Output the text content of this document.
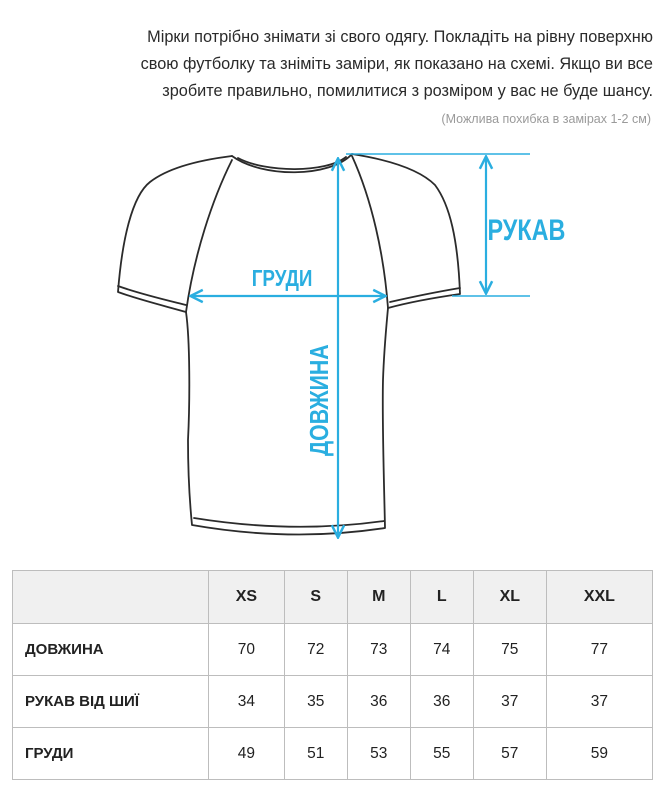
Мірки потрібно знімати зі свого одягу. Покладіть на рівну поверхню
свою футболку та зніміть заміри, як показано на схемі. Якщо ви все
зробите правильно, помилитися з розміром у вас не буде шансу.
(Можлива похибка в замірах 1-2 см)
РУКАВ
ГРУДИ
ДОВЖИНА
	XS	S	M	L	XL	XXL
ДОВЖИНА	70	72	73	74	75	77
РУКАВ ВІД ШИЇ	34	35	36	36	37	37
ГРУДИ	49	51	53	55	57	59
